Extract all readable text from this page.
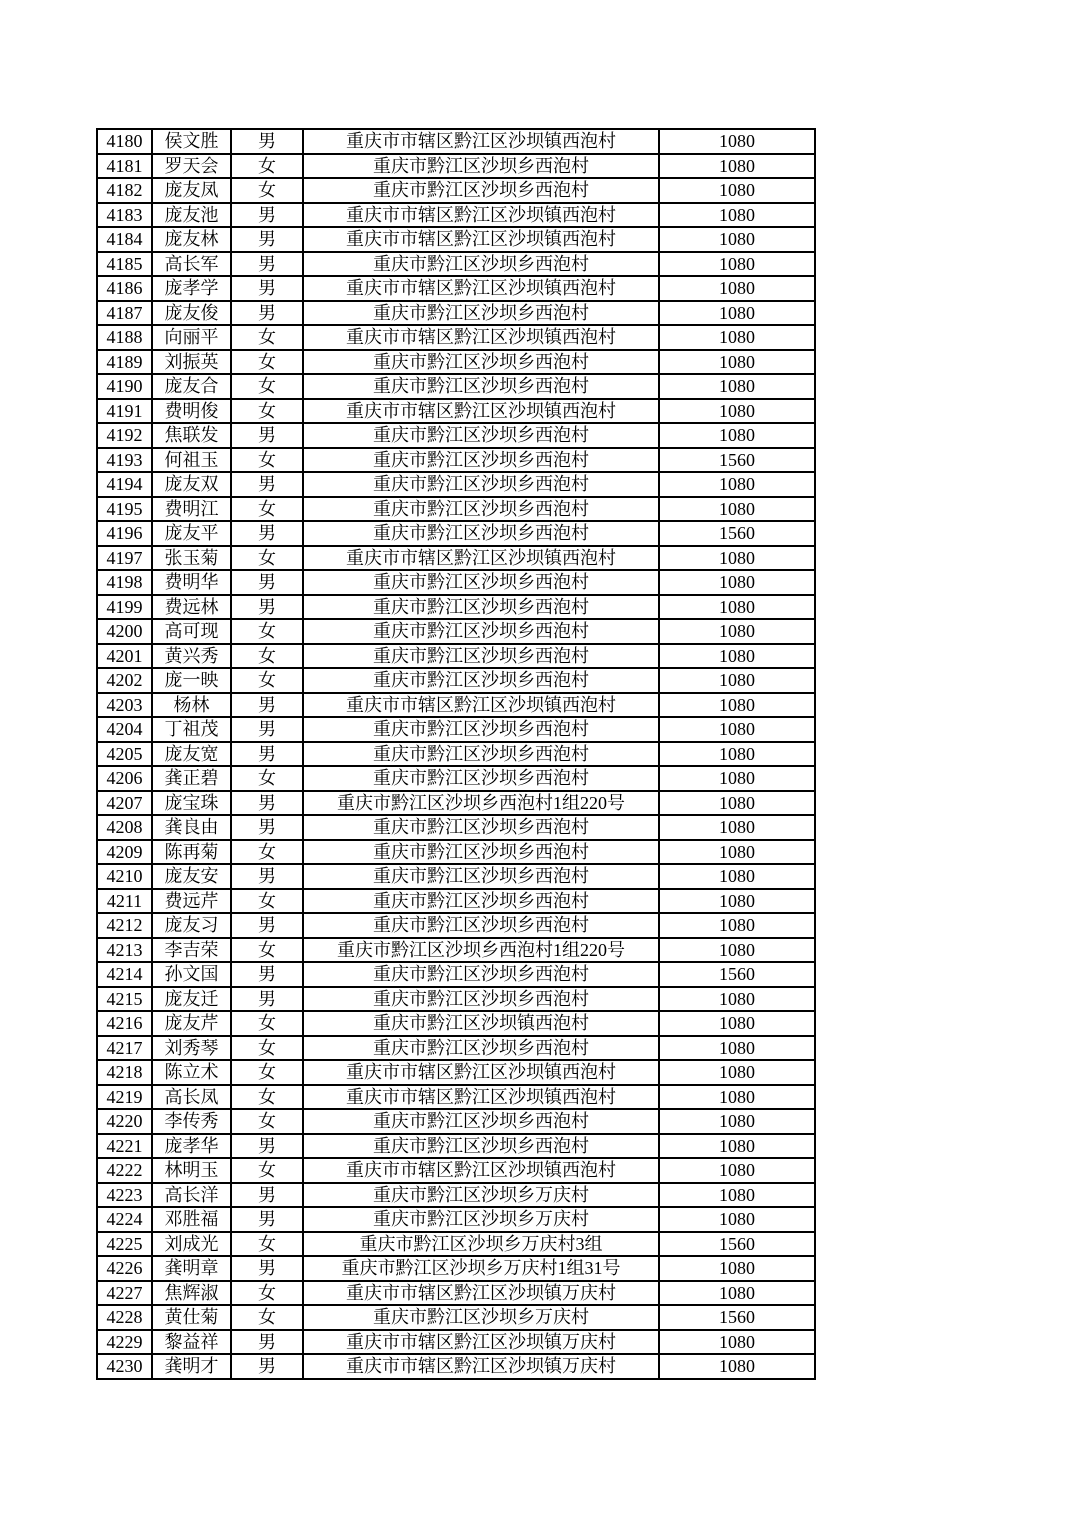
4180	侯文胜	男	重庆市市辖区黔江区沙坝镇西泡村	1080
4181	罗天会	女	重庆市黔江区沙坝乡西泡村	1080
4182	庞友凤	女	重庆市黔江区沙坝乡西泡村	1080
4183	庞友池	男	重庆市市辖区黔江区沙坝镇西泡村	1080
4184	庞友林	男	重庆市市辖区黔江区沙坝镇西泡村	1080
4185	高长军	男	重庆市黔江区沙坝乡西泡村	1080
4186	庞孝学	男	重庆市市辖区黔江区沙坝镇西泡村	1080
4187	庞友俊	男	重庆市黔江区沙坝乡西泡村	1080
4188	向丽平	女	重庆市市辖区黔江区沙坝镇西泡村	1080
4189	刘振英	女	重庆市黔江区沙坝乡西泡村	1080
4190	庞友合	女	重庆市黔江区沙坝乡西泡村	1080
4191	费明俊	女	重庆市市辖区黔江区沙坝镇西泡村	1080
4192	焦联发	男	重庆市黔江区沙坝乡西泡村	1080
4193	何祖玉	女	重庆市黔江区沙坝乡西泡村	1560
4194	庞友双	男	重庆市黔江区沙坝乡西泡村	1080
4195	费明江	女	重庆市黔江区沙坝乡西泡村	1080
4196	庞友平	男	重庆市黔江区沙坝乡西泡村	1560
4197	张玉菊	女	重庆市市辖区黔江区沙坝镇西泡村	1080
4198	费明华	男	重庆市黔江区沙坝乡西泡村	1080
4199	费远林	男	重庆市黔江区沙坝乡西泡村	1080
4200	高可现	女	重庆市黔江区沙坝乡西泡村	1080
4201	黄兴秀	女	重庆市黔江区沙坝乡西泡村	1080
4202	庞一映	女	重庆市黔江区沙坝乡西泡村	1080
4203	杨林	男	重庆市市辖区黔江区沙坝镇西泡村	1080
4204	丁祖茂	男	重庆市黔江区沙坝乡西泡村	1080
4205	庞友宽	男	重庆市黔江区沙坝乡西泡村	1080
4206	龚正碧	女	重庆市黔江区沙坝乡西泡村	1080
4207	庞宝珠	男	重庆市黔江区沙坝乡西泡村1组220号	1080
4208	龚良由	男	重庆市黔江区沙坝乡西泡村	1080
4209	陈再菊	女	重庆市黔江区沙坝乡西泡村	1080
4210	庞友安	男	重庆市黔江区沙坝乡西泡村	1080
4211	费远芹	女	重庆市黔江区沙坝乡西泡村	1080
4212	庞友习	男	重庆市黔江区沙坝乡西泡村	1080
4213	李吉荣	女	重庆市黔江区沙坝乡西泡村1组220号	1080
4214	孙文国	男	重庆市黔江区沙坝乡西泡村	1560
4215	庞友迁	男	重庆市黔江区沙坝乡西泡村	1080
4216	庞友芹	女	重庆市黔江区沙坝镇西泡村	1080
4217	刘秀琴	女	重庆市黔江区沙坝乡西泡村	1080
4218	陈立术	女	重庆市市辖区黔江区沙坝镇西泡村	1080
4219	高长凤	女	重庆市市辖区黔江区沙坝镇西泡村	1080
4220	李传秀	女	重庆市黔江区沙坝乡西泡村	1080
4221	庞孝华	男	重庆市黔江区沙坝乡西泡村	1080
4222	林明玉	女	重庆市市辖区黔江区沙坝镇西泡村	1080
4223	高长洋	男	重庆市黔江区沙坝乡万庆村	1080
4224	邓胜福	男	重庆市黔江区沙坝乡万庆村	1080
4225	刘成光	女	重庆市黔江区沙坝乡万庆村3组	1560
4226	龚明章	男	重庆市黔江区沙坝乡万庆村1组31号	1080
4227	焦辉淑	女	重庆市市辖区黔江区沙坝镇万庆村	1080
4228	黄仕菊	女	重庆市黔江区沙坝乡万庆村	1560
4229	黎益祥	男	重庆市市辖区黔江区沙坝镇万庆村	1080
4230	龚明才	男	重庆市市辖区黔江区沙坝镇万庆村	1080
